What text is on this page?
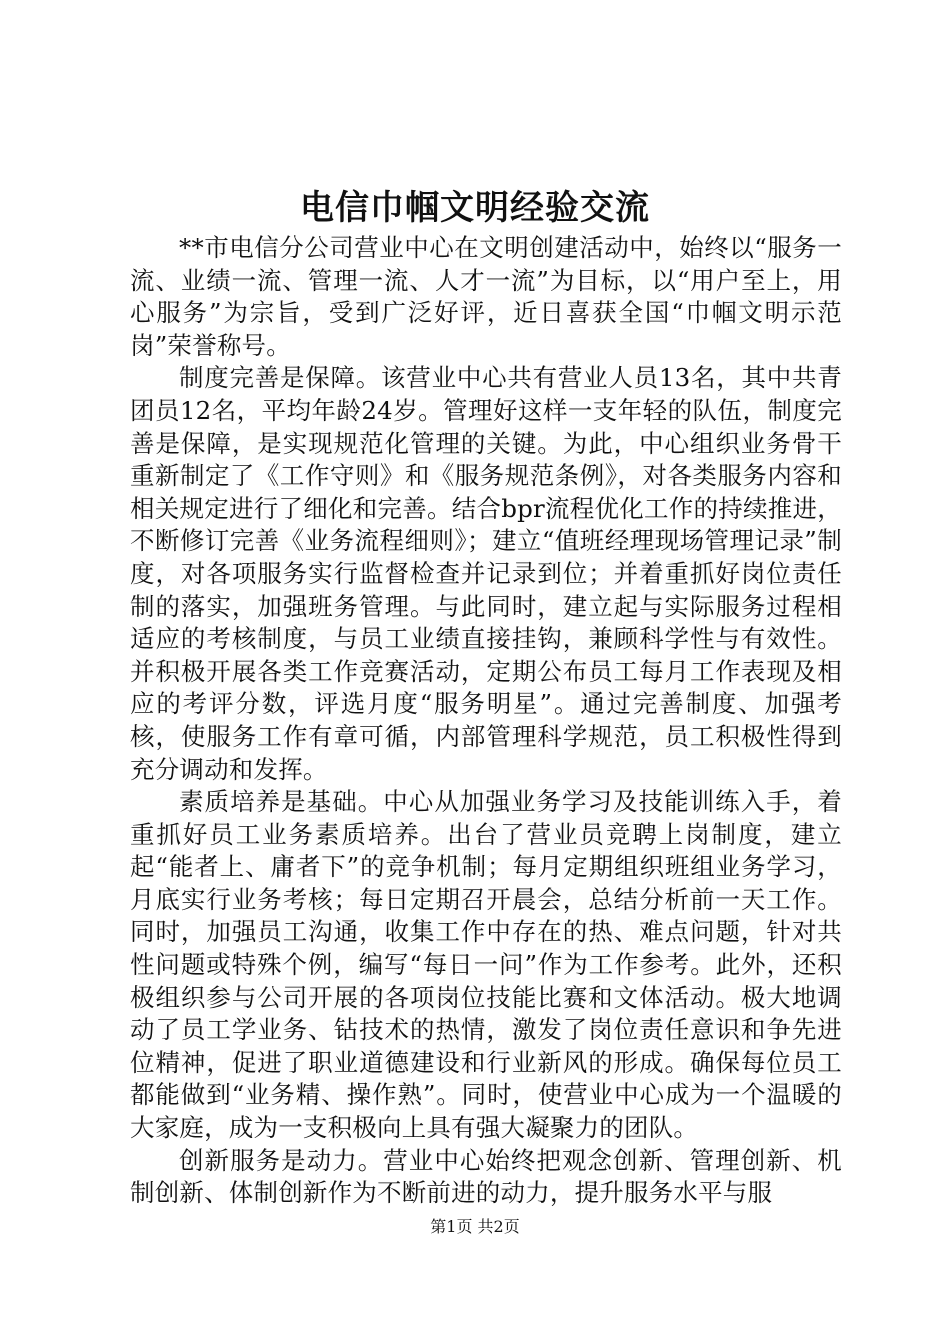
电信巾帼文明经验交流

**市电信分公司营业中心在文明创建活动中，始终以“服务一流、业绩一流、管理一流、人才一流”为目标，以“用户至上，用心服务”为宗旨，受到广泛好评，近日喜获全国“巾帼文明示范岗”荣誉称号。

制度完善是保障。该营业中心共有营业人员13名，其中共青团员12名，平均年龄24岁。管理好这样一支年轻的队伍，制度完善是保障，是实现规范化管理的关键。为此，中心组织业务骨干重新制定了《工作守则》和《服务规范条例》，对各类服务内容和相关规定进行了细化和完善。结合bpr流程优化工作的持续推进，不断修订完善《业务流程细则》；建立“值班经理现场管理记录”制度，对各项服务实行监督检查并记录到位；并着重抓好岗位责任制的落实，加强班务管理。与此同时，建立起与实际服务过程相适应的考核制度，与员工业绩直接挂钩，兼顾科学性与有效性。并积极开展各类工作竞赛活动，定期公布员工每月工作表现及相应的考评分数，评选月度“服务明星”。通过完善制度、加强考核，使服务工作有章可循，内部管理科学规范，员工积极性得到充分调动和发挥。

素质培养是基础。中心从加强业务学习及技能训练入手，着重抓好员工业务素质培养。出台了营业员竞聘上岗制度，建立起“能者上、庸者下”的竞争机制；每月定期组织班组业务学习，月底实行业务考核；每日定期召开晨会，总结分析前一天工作。同时，加强员工沟通，收集工作中存在的热、难点问题，针对共性问题或特殊个例，编写“每日一问”作为工作参考。此外，还积极组织参与公司开展的各项岗位技能比赛和文体活动。极大地调动了员工学业务、钻技术的热情，激发了岗位责任意识和争先进位精神，促进了职业道德建设和行业新风的形成。确保每位员工都能做到“业务精、操作熟”。同时，使营业中心成为一个温暖的大家庭，成为一支积极向上具有强大凝聚力的团队。

创新服务是动力。营业中心始终把观念创新、管理创新、机制创新、体制创新作为不断前进的动力，提升服务水平与服

第1页 共2页
